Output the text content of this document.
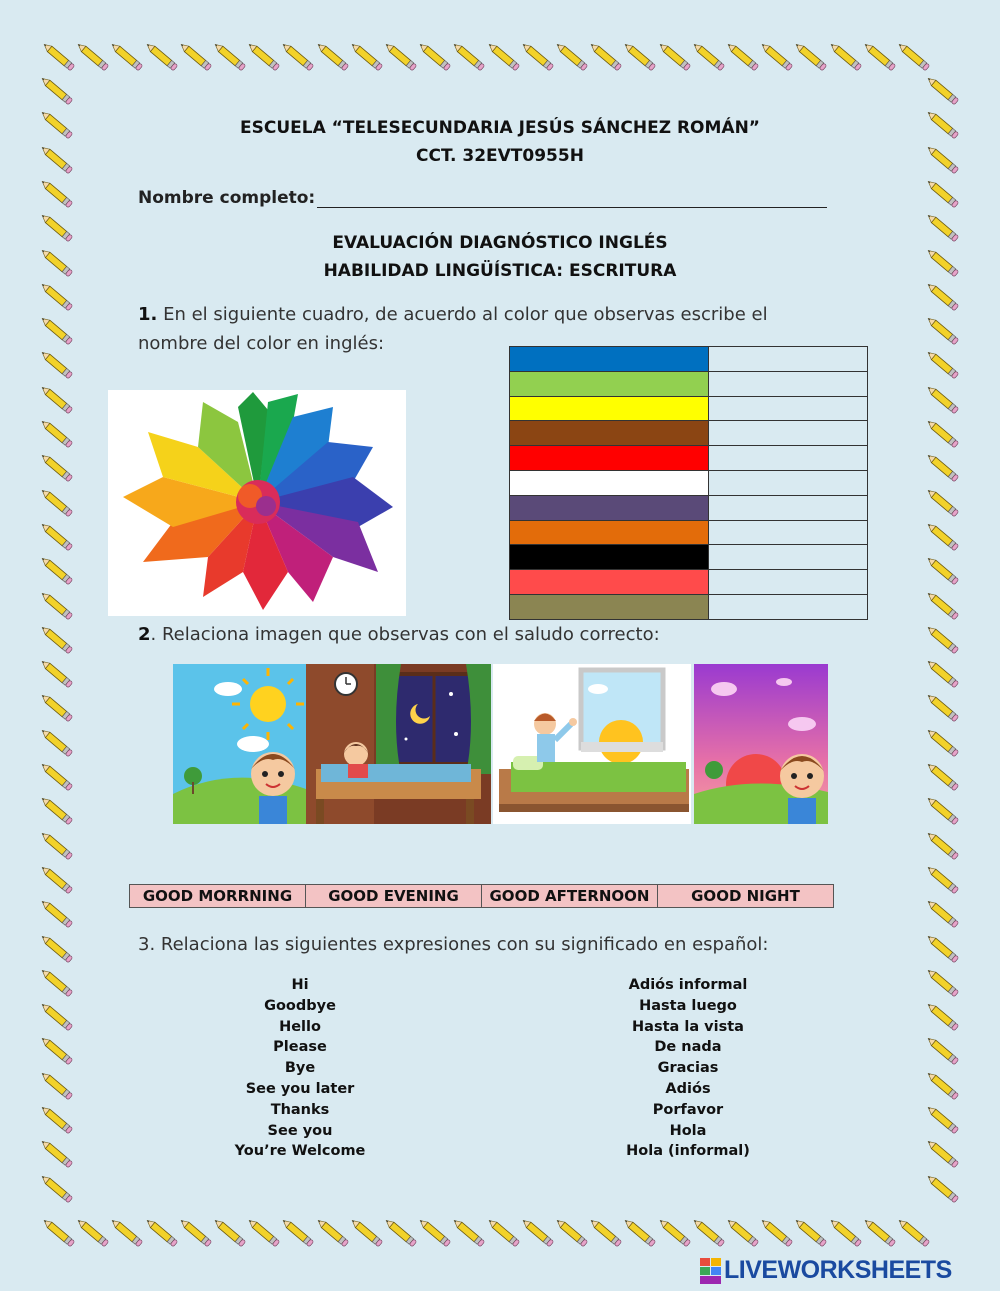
ESCUELA “TELESECUNDARIA JESÚS SÁNCHEZ ROMÁN”
CCT. 32EVT0955H
Nombre completo:
EVALUACIÓN DIAGNÓSTICO INGLÉS
HABILIDAD LINGÜÍSTICA: ESCRITURA
1. En el siguiente cuadro, de acuerdo al color que observas escribe el nombre del color en inglés:

2. Relaciona imagen que observas con el saludo correcto:
GOOD MORRNING	GOOD EVENING	GOOD AFTERNOON	GOOD NIGHT
3. Relaciona las siguientes expresiones con su significado en español:
Hi
Goodbye
Hello
Please
Bye
See you later
Thanks
See you
You’re Welcome
Adiós informal
Hasta luego
Hasta la vista
De nada
Gracias
Adiós
Porfavor
Hola
Hola (informal)
LIVEWORKSHEETS
